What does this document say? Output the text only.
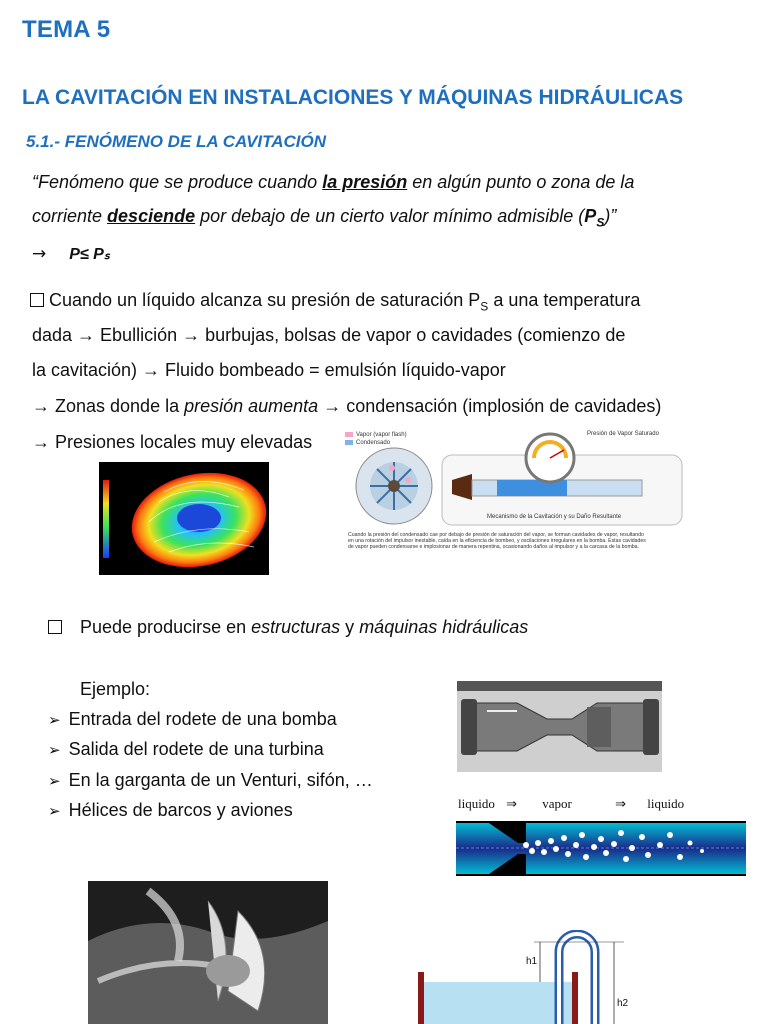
TEMA 5
LA CAVITACIÓN EN INSTALACIONES Y MÁQUINAS HIDRÁULICAS
5.1.- FENÓMENO DE LA CAVITACIÓN
“Fenómeno que se produce cuando la presión en algún punto o zona de la
corriente desciende por debajo de un cierto valor mínimo admisible $(P_S)$”
→ P≤ Pₛ
Cuando un líquido alcanza su presión de saturación $P_S$ a una temperatura
dada → Ebullición → burbujas, bolsas de vapor o cavidades (comienzo de
la cavitación) → Fluido bombeado = emulsión líquido-vapor
→ Zonas donde la presión aumenta → condensación (implosión de cavidades)
→ Presiones locales muy elevadas	Vapor (vapor flash)
Condensado
Presión de Vapor Saturado
Mecanismo de la Cavitación y su Daño Resultante
Cuando la presión del condensado cae por debajo de presión de saturación del vapor, se forman cavidades de vapor, resultando en una rotación del impulsor inestable, caída en la eficiencia de bombeo, y oscilaciones irregulares en la bomba. Estas cavidades de vapor pueden condensarse e implosionar de manera repentina, ocasionando daños al impulsor y a la carcasa de la bomba.
Puede producirse en estructuras y máquinas hidráulicas
Ejemplo:
➢ Entrada del rodete de una bomba
➢ Salida del rodete de una turbina
➢ En la garganta de un Venturi, sifón, …
➢ Hélices de barcos y aviones	liquido ⇒ vapor	⇒ liquido
h1
h2
